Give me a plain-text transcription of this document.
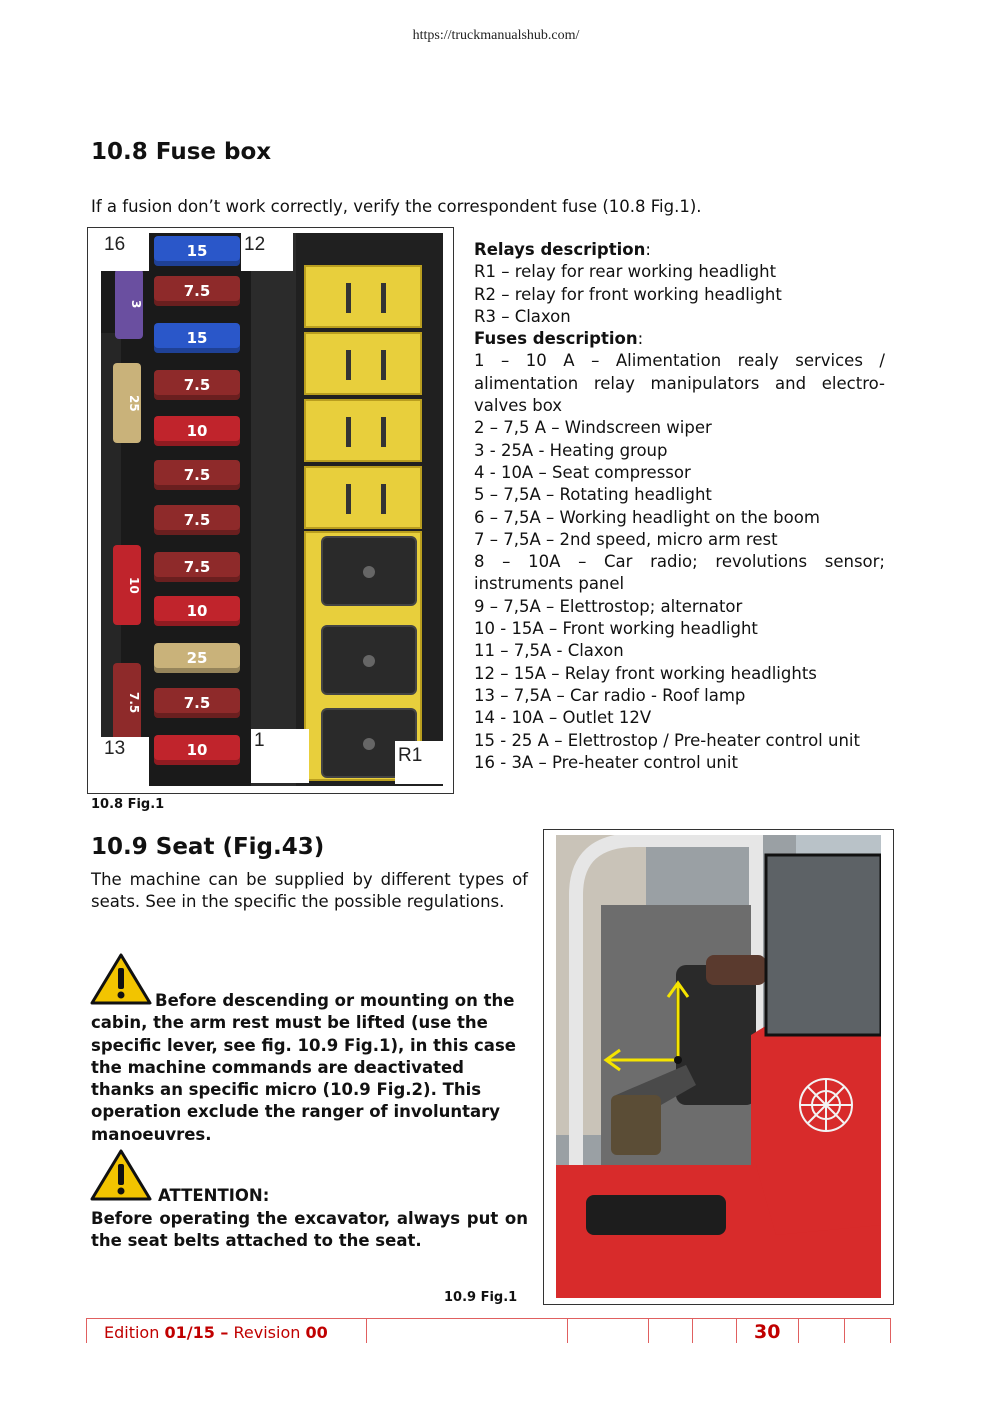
https://truckmanualshub.com/
10.8 Fuse box
If a fusion don’t work correctly, verify the correspondent fuse (10.8 Fig.1).
15
7.5
15
7.5
10
7.5
7.5
7.5
10
25
7.5
10
3
25
10
7.5
16	12
13	1
R1
10.8 Fig.1
Relays description:
R1 – relay for rear working headlight
R2 – relay for front working headlight
R3 – Claxon
Fuses description:
1 – 10 A – Alimentation realy services / alimentation relay manipulators and electro-valves box
2 – 7,5 A – Windscreen wiper
3 - 25A - Heating group
4 - 10A – Seat compressor
5 – 7,5A – Rotating headlight
6 – 7,5A – Working headlight on the boom
7 – 7,5A – 2nd speed, micro arm rest
8 – 10A – Car radio; revolutions sensor; instruments panel
9 – 7,5A – Elettrostop; alternator
10 - 15A – Front working headlight
11 – 7,5A - Claxon
12 – 15A – Relay front working headlights
13 – 7,5A – Car radio - Roof lamp
14 - 10A – Outlet 12V
15 - 25 A – Elettrostop / Pre-heater control unit
16 - 3A – Pre-heater control unit
10.9 Seat (Fig.43)
The machine can be supplied by different types of seats. See in the specific the possible regulations.
Before descending or mounting on the cabin, the arm rest must be lifted (use the specific lever, see fig. 10.9 Fig.1), in this case the machine commands are deactivated thanks an specific micro (10.9 Fig.2). This operation exclude the ranger of involuntary manoeuvres.
ATTENTION:
Before operating the excavator, always put on the seat belts attached to the seat.
10.9 Fig.1
Edition 01/15 – Revision 00	30
